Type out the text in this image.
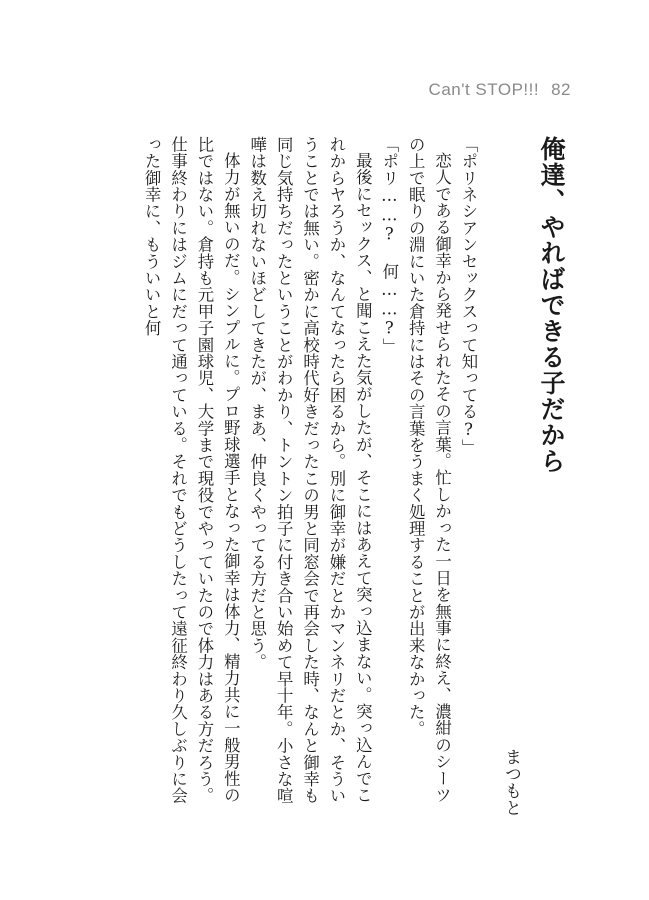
Can't STOP!!! 82
俺達、やればできる子だから

まつもと

「ポリネシアンセックスって知ってる?」

恋人である御幸から発せられたその言葉。忙しかった一日を無事に終え、濃紺のシーツの上で眠りの淵にいた倉持にはその言葉をうまく処理することが出来なかった。

「ポリ……? 何……?」

最後にセックス、と聞こえた気がしたが、そこにはあえて突っ込まない。突っ込んでこれからヤろうか、なんてなったら困るから。別に御幸が嫌だとかマンネリだとか、そういうことでは無い。密かに高校時代好きだったこの男と同窓会で再会した時、なんと御幸も同じ気持ちだったということがわかり、トントン拍子に付き合い始めて早十年。小さな喧嘩は数え切れないほどしてきたが、まあ、仲良くやってる方だと思う。

体力が無いのだ。シンプルに。プロ野球選手となった御幸は体力、精力共に一般男性の比ではない。倉持も元甲子園球児、大学まで現役でやっていたので体力はある方だろう。仕事終わりにはジムにだって通っている。それでもどうしたって遠征終わり久しぶりに会った御幸に、もういいと何
